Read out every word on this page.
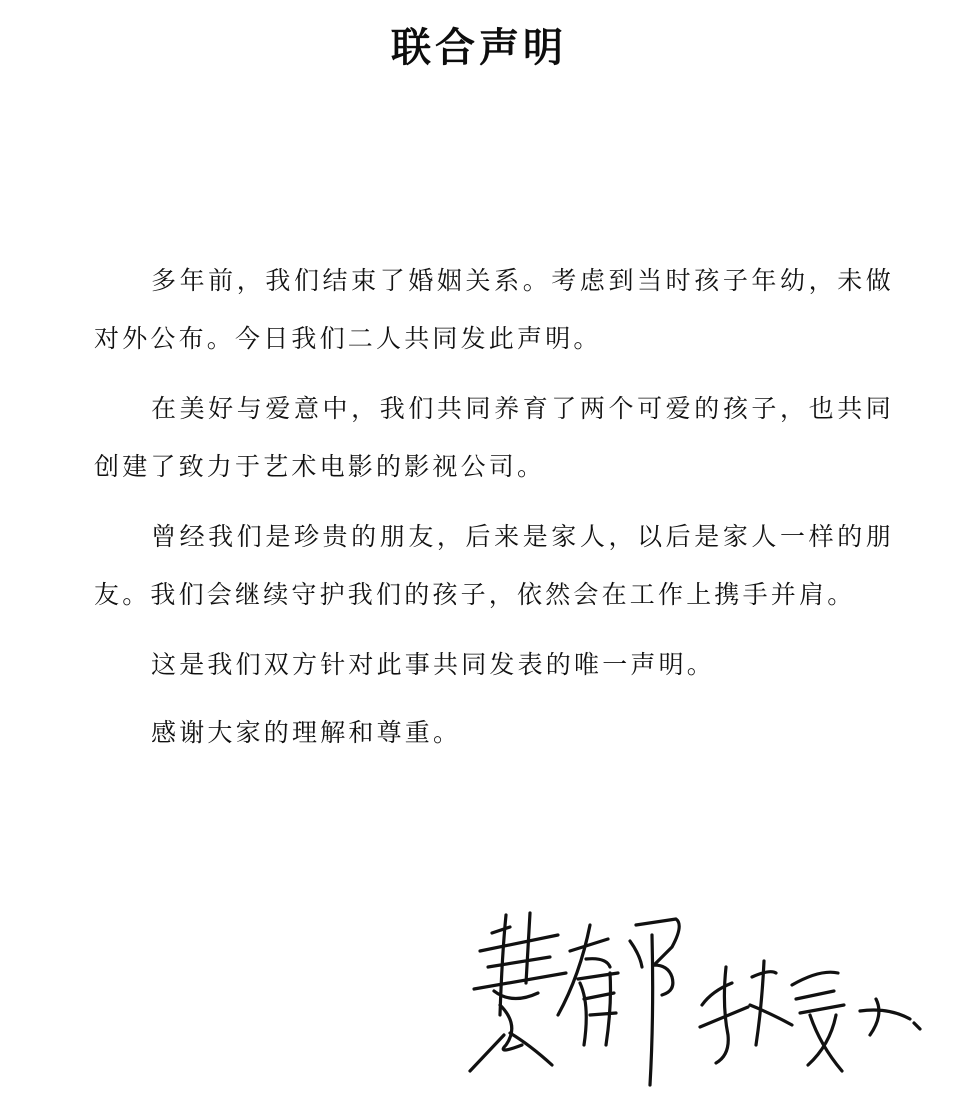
联合声明

多年前，我们结束了婚姻关系。考虑到当时孩子年幼，未做对外公布。今日我们二人共同发此声明。

在美好与爱意中，我们共同养育了两个可爱的孩子，也共同创建了致力于艺术电影的影视公司。

曾经我们是珍贵的朋友，后来是家人，以后是家人一样的朋友。我们会继续守护我们的孩子，依然会在工作上携手并肩。

这是我们双方针对此事共同发表的唯一声明。

感谢大家的理解和尊重。
